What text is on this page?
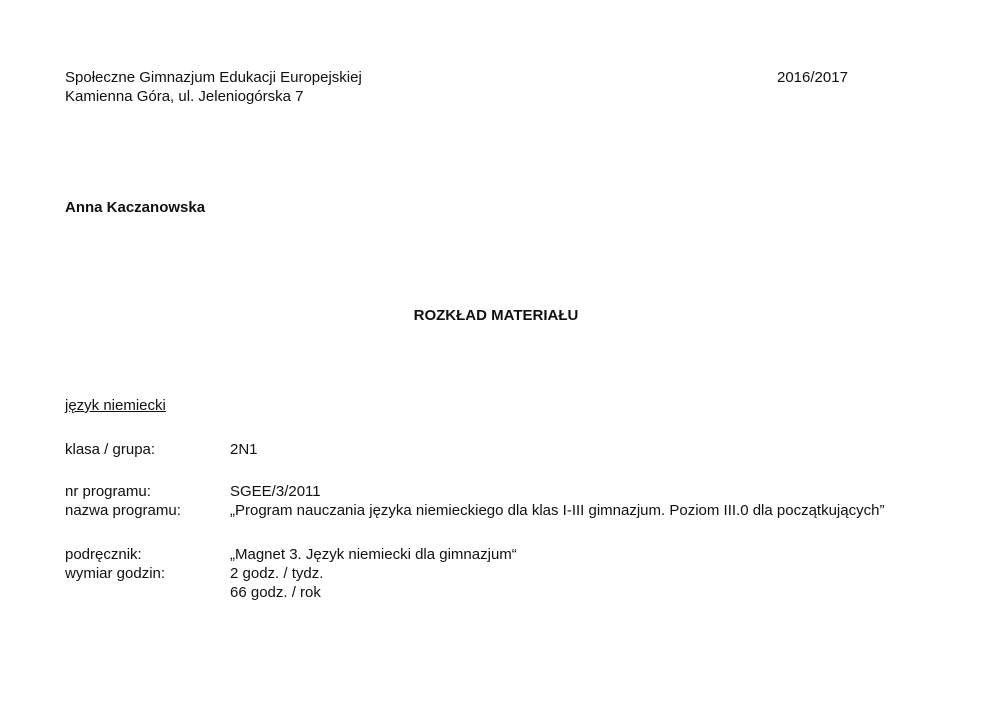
Społeczne Gimnazjum Edukacji Europejskiej
Kamienna Góra, ul. Jeleniogórska 7
2016/2017
Anna Kaczanowska
ROZKŁAD MATERIAŁU
język niemiecki
klasa / grupa:	2N1
nr programu:	SGEE/3/2011
nazwa programu:	„Program nauczania języka niemieckiego dla klas I-III gimnazjum. Poziom III.0 dla początkujących”
podręcznik:	„Magnet 3. Język niemiecki dla gimnazjum“
wymiar godzin:	2 godz. / tydz.
66 godz. / rok
